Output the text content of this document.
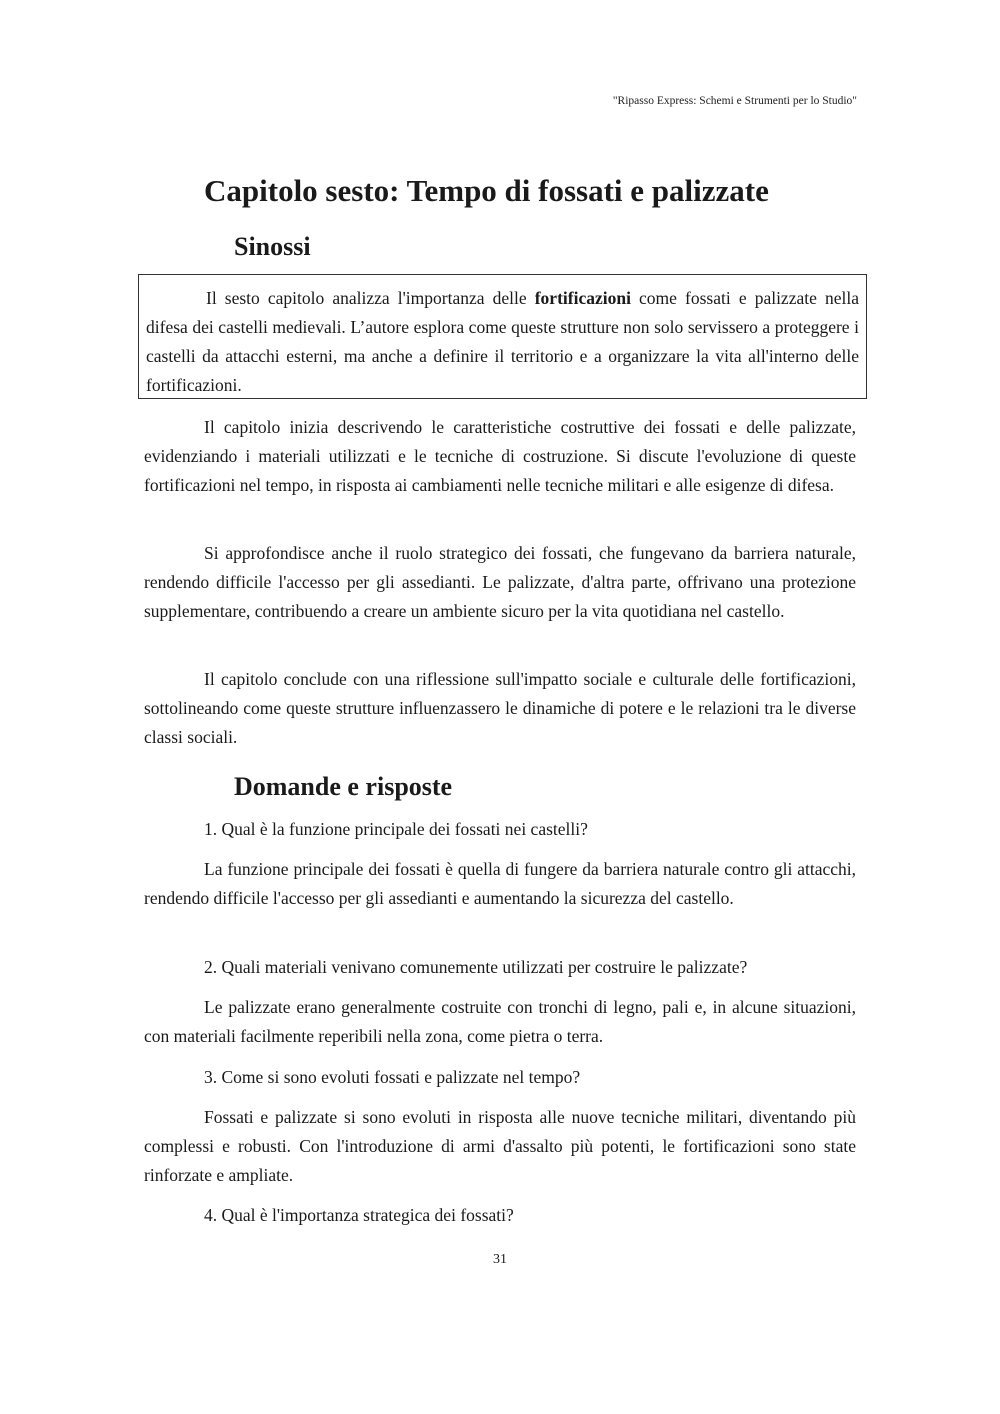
"Ripasso Express: Schemi e Strumenti per lo Studio"
Capitolo sesto: Tempo di fossati e palizzate
Sinossi

Il sesto capitolo analizza l'importanza delle fortificazioni come fossati e palizzate nella difesa dei castelli medievali. L’autore esplora come queste strutture non solo servissero a proteggere i castelli da attacchi esterni, ma anche a definire il territorio e a organizzare la vita all'interno delle fortificazioni.

Il capitolo inizia descrivendo le caratteristiche costruttive dei fossati e delle palizzate, evidenziando i materiali utilizzati e le tecniche di costruzione. Si discute l'evoluzione di queste fortificazioni nel tempo, in risposta ai cambiamenti nelle tecniche militari e alle esigenze di difesa.

Si approfondisce anche il ruolo strategico dei fossati, che fungevano da barriera naturale, rendendo difficile l'accesso per gli assedianti. Le palizzate, d'altra parte, offrivano una protezione supplementare, contribuendo a creare un ambiente sicuro per la vita quotidiana nel castello.

Il capitolo conclude con una riflessione sull'impatto sociale e culturale delle fortificazioni, sottolineando come queste strutture influenzassero le dinamiche di potere e le relazioni tra le diverse classi sociali.

Domande e risposte

1. Qual è la funzione principale dei fossati nei castelli?

La funzione principale dei fossati è quella di fungere da barriera naturale contro gli attacchi, rendendo difficile l'accesso per gli assedianti e aumentando la sicurezza del castello.

2. Quali materiali venivano comunemente utilizzati per costruire le palizzate?

Le palizzate erano generalmente costruite con tronchi di legno, pali e, in alcune situazioni, con materiali facilmente reperibili nella zona, come pietra o terra.

3. Come si sono evoluti fossati e palizzate nel tempo?

Fossati e palizzate si sono evoluti in risposta alle nuove tecniche militari, diventando più complessi e robusti. Con l'introduzione di armi d'assalto più potenti, le fortificazioni sono state rinforzate e ampliate.

4. Qual è l'importanza strategica dei fossati?

31
